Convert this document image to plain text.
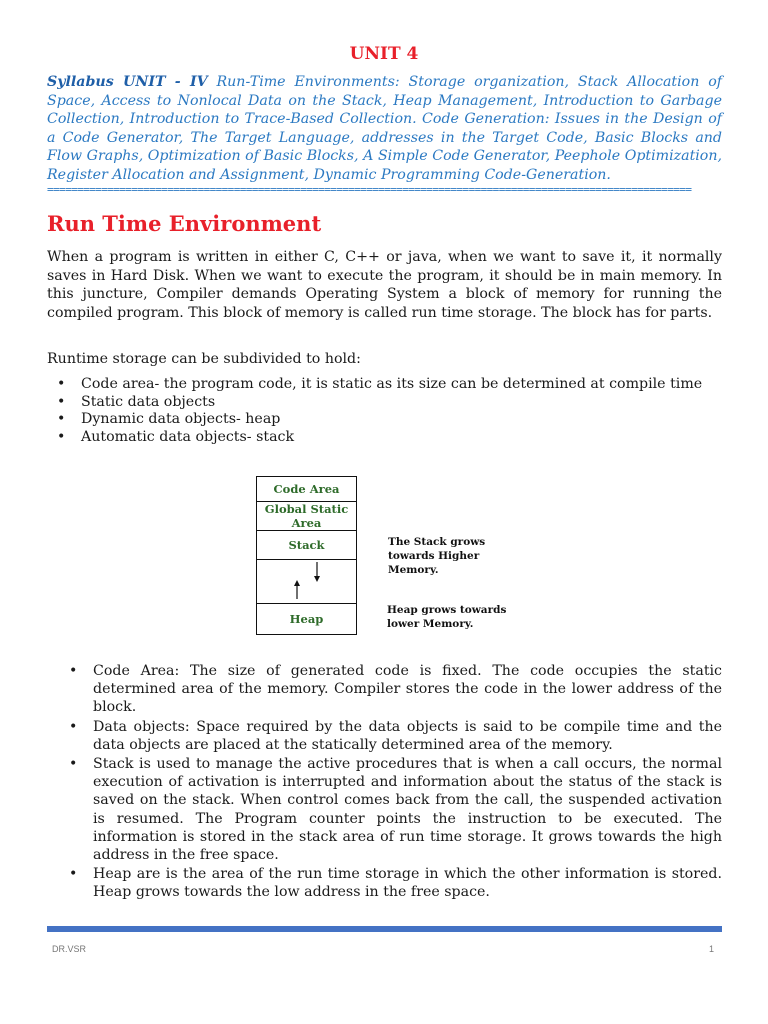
UNIT 4
Syllabus UNIT - IV Run-Time Environments: Storage organization, Stack Allocation of Space, Access to Nonlocal Data on the Stack, Heap Management, Introduction to Garbage Collection, Introduction to Trace-Based Collection. Code Generation: Issues in the Design of a Code Generator, The Target Language, addresses in the Target Code, Basic Blocks and Flow Graphs, Optimization of Basic Blocks, A Simple Code Generator, Peephole Optimization, Register Allocation and Assignment, Dynamic Programming Code-Generation.
===========================================================================================================
Run Time Environment
When a program is written in either C, C++ or java, when we want to save it, it normally saves in Hard Disk. When we want to execute the program, it should be in main memory. In this juncture, Compiler demands Operating System a block of memory for running the compiled program. This block of memory is called run time storage. The block has for parts.
Runtime storage can be subdivided to hold:
• Code area- the program code, it is static as its size can be determined at compile time
• Static data objects
• Dynamic data objects- heap
• Automatic data objects- stack
Code Area
Global Static Area
Stack
Heap
The Stack grows towards Higher Memory.
Heap grows towards lower Memory.
• Code Area: The size of generated code is fixed. The code occupies the static determined area of the memory. Compiler stores the code in the lower address of the block.
• Data objects: Space required by the data objects is said to be compile time and the data objects are placed at the statically determined area of the memory.
• Stack is used to manage the active procedures that is when a call occurs, the normal execution of activation is interrupted and information about the status of the stack is saved on the stack. When control comes back from the call, the suspended activation is resumed. The Program counter points the instruction to be executed. The information is stored in the stack area of run time storage. It grows towards the high address in the free space.
• Heap are is the area of the run time storage in which the other information is stored. Heap grows towards the low address in the free space.
DR.VSR	1
